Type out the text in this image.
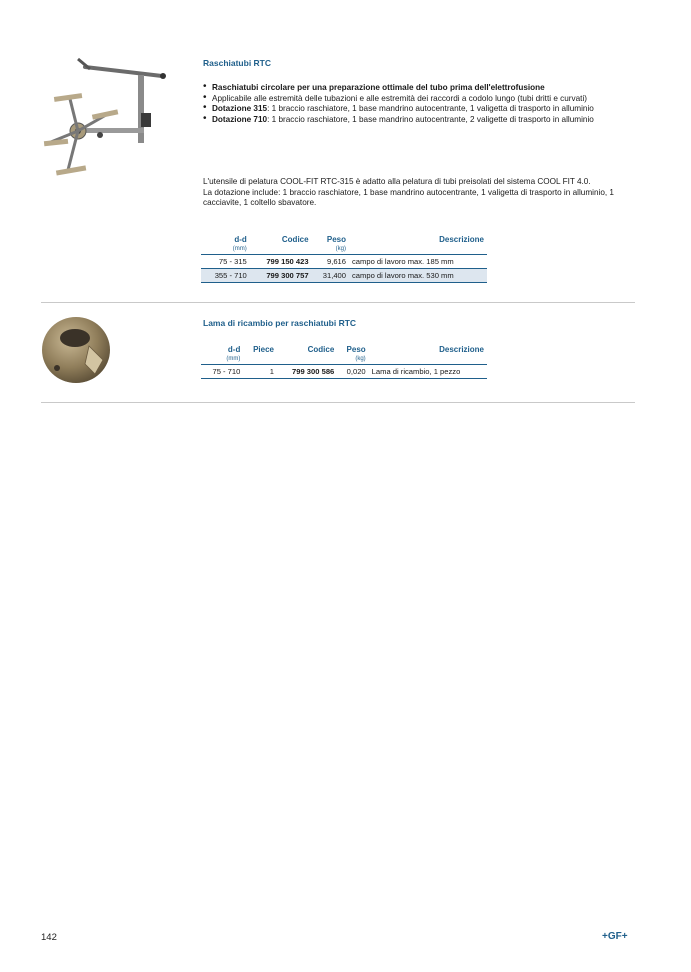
Raschiatubi RTC
• Raschiatubi circolare per una preparazione ottimale del tubo prima dell'elettrofusione
• Applicabile alle estremità delle tubazioni e alle estremità dei raccordi a codolo lungo (tubi dritti e curvati)
• Dotazione 315: 1 braccio raschiatore, 1 base mandrino autocentrante, 1 valigetta di trasporto in alluminio
• Dotazione 710: 1 braccio raschiatore, 1 base mandrino autocentrante, 2 valigette di trasporto in alluminio
L'utensile di pelatura COOL-FIT RTC-315 è adatto alla pelatura di tubi preisolati del sistema COOL FIT 4.0.
La dotazione include: 1 braccio raschiatore, 1 base mandrino autocentrante, 1 valigetta di trasporto in alluminio, 1 cacciavite, 1 coltello sbavatore.
d-d	Codice	Peso	Descrizione
(mm)		(kg)	
75 - 315	799 150 423	9,616	campo di lavoro max. 185 mm
355 - 710	799 300 757	31,400	campo di lavoro max. 530 mm
Lama di ricambio per raschiatubi RTC
d-d	Piece	Codice	Peso	Descrizione
(mm)			(kg)	
75 - 710	1	799 300 586	0,020	Lama di ricambio, 1 pezzo
142	+GF+
